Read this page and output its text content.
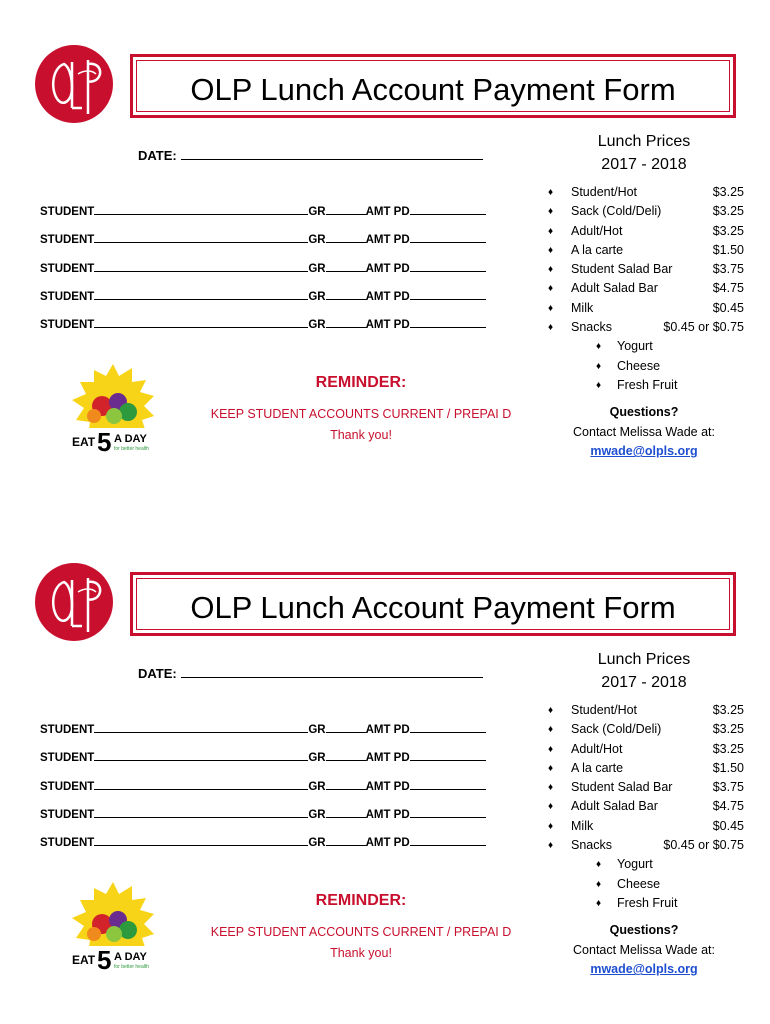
OLP Lunch Account Payment Form
DATE:
STUDENT	GR	AMT PD
STUDENT	GR	AMT PD
STUDENT	GR	AMT PD
STUDENT	GR	AMT PD
STUDENT	GR	AMT PD
EAT 5 A DAY
for better health
REMINDER:
KEEP STUDENT ACCOUNTS CURRENT / PREPAI D
Thank you!
Lunch Prices
2017 - 2018
♦ Student/Hot	$3.25
♦ Sack (Cold/Deli)	$3.25
♦ Adult/Hot	$3.25
♦ A la carte	$1.50
♦ Student Salad Bar	$3.75
♦ Adult Salad Bar	$4.75
♦ Milk	$0.45
♦ Snacks	$0.45 or $0.75
♦ Yogurt
♦ Cheese
♦ Fresh Fruit
Questions?
Contact Melissa Wade at:
mwade@olpls.org
OLP Lunch Account Payment Form
DATE:
STUDENT	GR	AMT PD
STUDENT	GR	AMT PD
STUDENT	GR	AMT PD
STUDENT	GR	AMT PD
STUDENT	GR	AMT PD
EAT 5 A DAY
for better health
REMINDER:
KEEP STUDENT ACCOUNTS CURRENT / PREPAI D
Thank you!
Lunch Prices
2017 - 2018
♦ Student/Hot	$3.25
♦ Sack (Cold/Deli)	$3.25
♦ Adult/Hot	$3.25
♦ A la carte	$1.50
♦ Student Salad Bar	$3.75
♦ Adult Salad Bar	$4.75
♦ Milk	$0.45
♦ Snacks	$0.45 or $0.75
♦ Yogurt
♦ Cheese
♦ Fresh Fruit
Questions?
Contact Melissa Wade at:
mwade@olpls.org
